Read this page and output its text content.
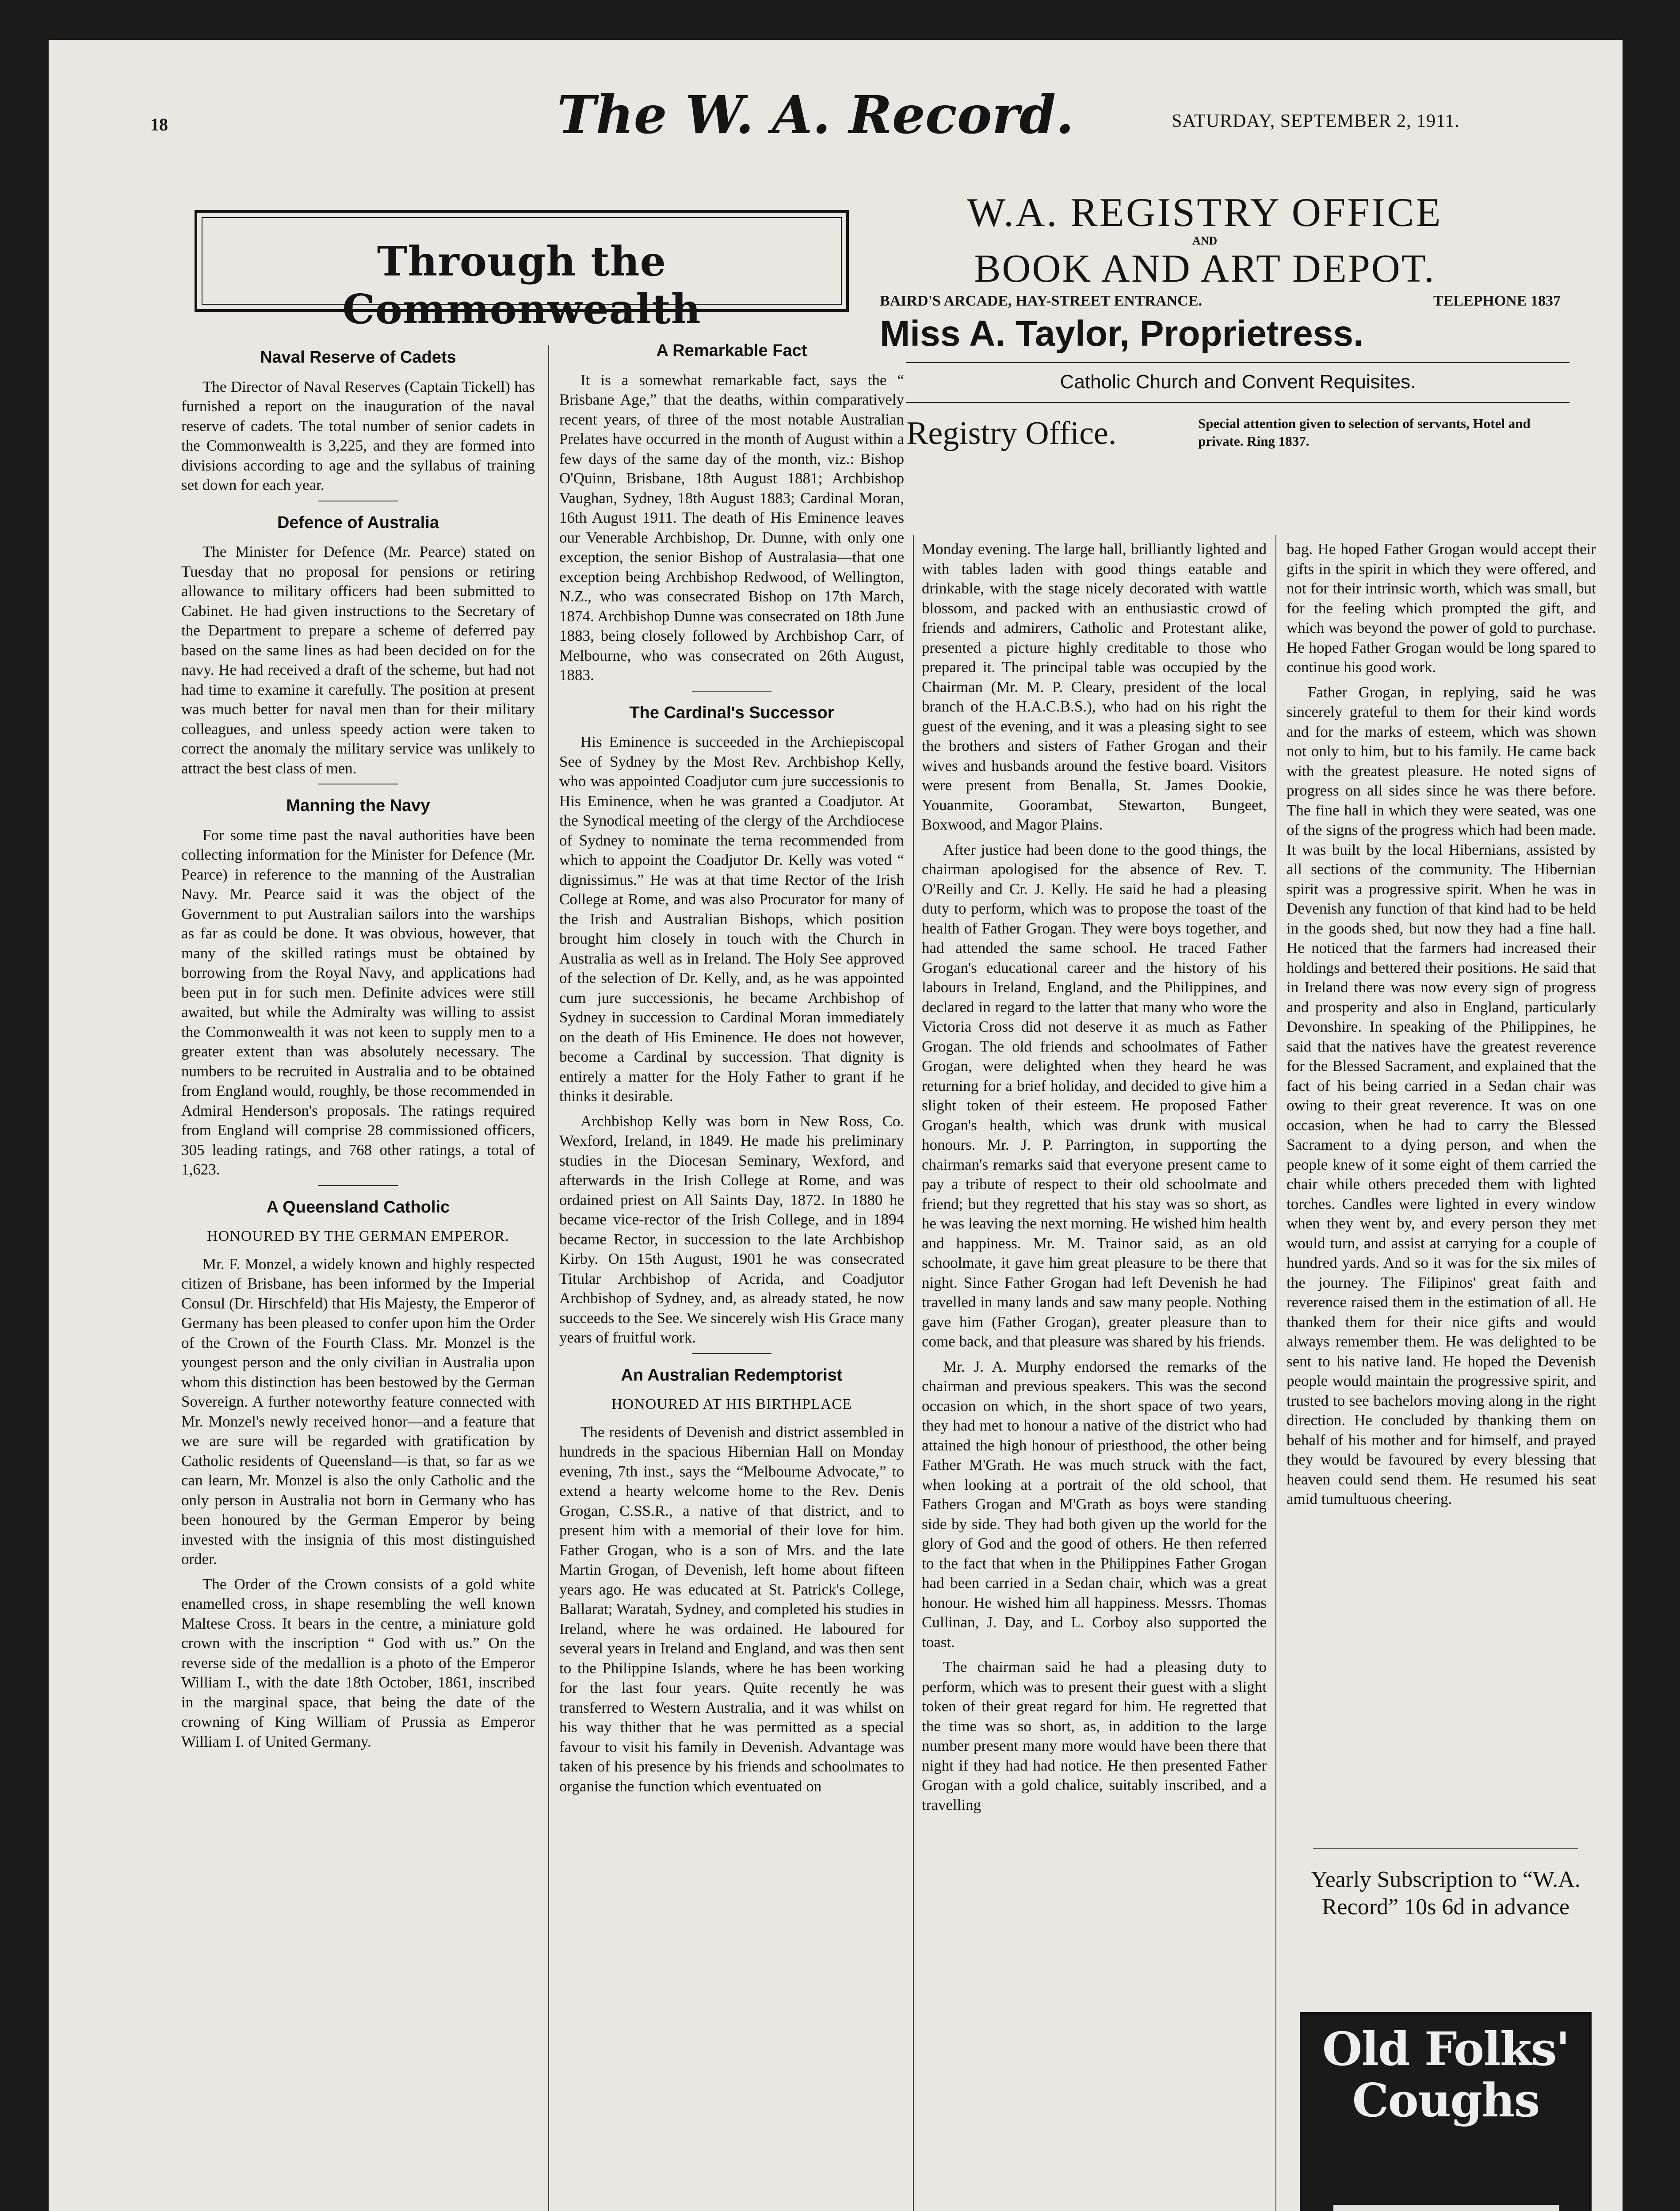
18	The W. A. Record.	SATURDAY, SEPTEMBER 2, 1911.
Through the Commonwealth
W.A. REGISTRY OFFICE
AND
BOOK AND ART DEPOT.
BAIRD'S ARCADE, HAY-STREET ENTRANCE.	TELEPHONE 1837
Miss A. Taylor, Proprietress.
Catholic Church and Convent Requisites.
Registry Office.	Special attention given to selection of servants, Hotel and private. Ring 1837.
Naval Reserve of Cadets

The Director of Naval Reserves (Captain Tickell) has furnished a report on the inauguration of the naval reserve of cadets. The total number of senior cadets in the Commonwealth is 3,225, and they are formed into divisions according to age and the syllabus of training set down for each year.

Defence of Australia

The Minister for Defence (Mr. Pearce) stated on Tuesday that no proposal for pensions or retiring allowance to military officers had been submitted to Cabinet. He had given instructions to the Secretary of the Department to prepare a scheme of deferred pay based on the same lines as had been decided on for the navy. He had received a draft of the scheme, but had not had time to examine it carefully. The position at present was much better for naval men than for their military colleagues, and unless speedy action were taken to correct the anomaly the military service was unlikely to attract the best class of men.

Manning the Navy

For some time past the naval authorities have been collecting information for the Minister for Defence (Mr. Pearce) in reference to the manning of the Australian Navy. Mr. Pearce said it was the object of the Government to put Australian sailors into the warships as far as could be done. It was obvious, however, that many of the skilled ratings must be obtained by borrowing from the Royal Navy, and applications had been put in for such men. Definite advices were still awaited, but while the Admiralty was willing to assist the Commonwealth it was not keen to supply men to a greater extent than was absolutely necessary. The numbers to be recruited in Australia and to be obtained from England would, roughly, be those recommended in Admiral Henderson's proposals. The ratings required from England will comprise 28 commissioned officers, 305 leading ratings, and 768 other ratings, a total of 1,623.

A Queensland Catholic
HONOURED BY THE GERMAN EMPEROR.

Mr. F. Monzel, a widely known and highly respected citizen of Brisbane, has been informed by the Imperial Consul (Dr. Hirschfeld) that His Majesty, the Emperor of Germany has been pleased to confer upon him the Order of the Crown of the Fourth Class. Mr. Monzel is the youngest person and the only civilian in Australia upon whom this distinction has been bestowed by the German Sovereign. A further noteworthy feature connected with Mr. Monzel's newly received honor—and a feature that we are sure will be regarded with gratification by Catholic residents of Queensland—is that, so far as we can learn, Mr. Monzel is also the only Catholic and the only person in Australia not born in Germany who has been honoured by the German Emperor by being invested with the insignia of this most distinguished order.

The Order of the Crown consists of a gold white enamelled cross, in shape resembling the well known Maltese Cross. It bears in the centre, a miniature gold crown with the inscription “ God with us.” On the reverse side of the medallion is a photo of the Emperor William I., with the date 18th October, 1861, inscribed in the marginal space, that being the date of the crowning of King William of Prussia as Emperor William I. of United Germany.

A Remarkable Fact

It is a somewhat remarkable fact, says the “ Brisbane Age,” that the deaths, within comparatively recent years, of three of the most notable Australian Prelates have occurred in the month of August within a few days of the same day of the month, viz.: Bishop O'Quinn, Brisbane, 18th August 1881; Archbishop Vaughan, Sydney, 18th August 1883; Cardinal Moran, 16th August 1911. The death of His Eminence leaves our Venerable Archbishop, Dr. Dunne, with only one exception, the senior Bishop of Australasia—that one exception being Archbishop Redwood, of Wellington, N.Z., who was consecrated Bishop on 17th March, 1874. Archbishop Dunne was consecrated on 18th June 1883, being closely followed by Archbishop Carr, of Melbourne, who was consecrated on 26th August, 1883.

The Cardinal's Successor

His Eminence is succeeded in the Archiepiscopal See of Sydney by the Most Rev. Archbishop Kelly, who was appointed Coadjutor cum jure successionis to His Eminence, when he was granted a Coadjutor. At the Synodical meeting of the clergy of the Archdiocese of Sydney to nominate the terna recommended from which to appoint the Coadjutor Dr. Kelly was voted “ dignissimus.” He was at that time Rector of the Irish College at Rome, and was also Procurator for many of the Irish and Australian Bishops, which position brought him closely in touch with the Church in Australia as well as in Ireland. The Holy See approved of the selection of Dr. Kelly, and, as he was appointed cum jure successionis, he became Archbishop of Sydney in succession to Cardinal Moran immediately on the death of His Eminence. He does not however, become a Cardinal by succession. That dignity is entirely a matter for the Holy Father to grant if he thinks it desirable.

Archbishop Kelly was born in New Ross, Co. Wexford, Ireland, in 1849. He made his preliminary studies in the Diocesan Seminary, Wexford, and afterwards in the Irish College at Rome, and was ordained priest on All Saints Day, 1872. In 1880 he became vice-rector of the Irish College, and in 1894 became Rector, in succession to the late Archbishop Kirby. On 15th August, 1901 he was consecrated Titular Archbishop of Acrida, and Coadjutor Archbishop of Sydney, and, as already stated, he now succeeds to the See. We sincerely wish His Grace many years of fruitful work.

An Australian Redemptorist
HONOURED AT HIS BIRTHPLACE

The residents of Devenish and district assembled in hundreds in the spacious Hibernian Hall on Monday evening, 7th inst., says the “Melbourne Advocate,” to extend a hearty welcome home to the Rev. Denis Grogan, C.SS.R., a native of that district, and to present him with a memorial of their love for him. Father Grogan, who is a son of Mrs. and the late Martin Grogan, of Devenish, left home about fifteen years ago. He was educated at St. Patrick's College, Ballarat; Waratah, Sydney, and completed his studies in Ireland, where he was ordained. He laboured for several years in Ireland and England, and was then sent to the Philippine Islands, where he has been working for the last four years. Quite recently he was transferred to Western Australia, and it was whilst on his way thither that he was permitted as a special favour to visit his family in Devenish. Advantage was taken of his presence by his friends and schoolmates to organise the function which eventuated on

Monday evening. The large hall, brilliantly lighted and with tables laden with good things eatable and drinkable, with the stage nicely decorated with wattle blossom, and packed with an enthusiastic crowd of friends and admirers, Catholic and Protestant alike, presented a picture highly creditable to those who prepared it. The principal table was occupied by the Chairman (Mr. M. P. Cleary, president of the local branch of the H.A.C.B.S.), who had on his right the guest of the evening, and it was a pleasing sight to see the brothers and sisters of Father Grogan and their wives and husbands around the festive board. Visitors were present from Benalla, St. James Dookie, Youanmite, Goorambat, Stewarton, Bungeet, Boxwood, and Magor Plains.

After justice had been done to the good things, the chairman apologised for the absence of Rev. T. O'Reilly and Cr. J. Kelly. He said he had a pleasing duty to perform, which was to propose the toast of the health of Father Grogan. They were boys together, and had attended the same school. He traced Father Grogan's educational career and the history of his labours in Ireland, England, and the Philippines, and declared in regard to the latter that many who wore the Victoria Cross did not deserve it as much as Father Grogan. The old friends and schoolmates of Father Grogan, were delighted when they heard he was returning for a brief holiday, and decided to give him a slight token of their esteem. He proposed Father Grogan's health, which was drunk with musical honours. Mr. J. P. Parrington, in supporting the chairman's remarks said that everyone present came to pay a tribute of respect to their old schoolmate and friend; but they regretted that his stay was so short, as he was leaving the next morning. He wished him health and happiness. Mr. M. Trainor said, as an old schoolmate, it gave him great pleasure to be there that night. Since Father Grogan had left Devenish he had travelled in many lands and saw many people. Nothing gave him (Father Grogan), greater pleasure than to come back, and that pleasure was shared by his friends.

Mr. J. A. Murphy endorsed the remarks of the chairman and previous speakers. This was the second occasion on which, in the short space of two years, they had met to honour a native of the district who had attained the high honour of priesthood, the other being Father M'Grath. He was much struck with the fact, when looking at a portrait of the old school, that Fathers Grogan and M'Grath as boys were standing side by side. They had both given up the world for the glory of God and the good of others. He then referred to the fact that when in the Philippines Father Grogan had been carried in a Sedan chair, which was a great honour. He wished him all happiness. Messrs. Thomas Cullinan, J. Day, and L. Corboy also supported the toast.

The chairman said he had a pleasing duty to perform, which was to present their guest with a slight token of their great regard for him. He regretted that the time was so short, as, in addition to the large number present many more would have been there that night if they had had notice. He then presented Father Grogan with a gold chalice, suitably inscribed, and a travelling

bag. He hoped Father Grogan would accept their gifts in the spirit in which they were offered, and not for their intrinsic worth, which was small, but for the feeling which prompted the gift, and which was beyond the power of gold to purchase. He hoped Father Grogan would be long spared to continue his good work.

Father Grogan, in replying, said he was sincerely grateful to them for their kind words and for the marks of esteem, which was shown not only to him, but to his family. He came back with the greatest pleasure. He noted signs of progress on all sides since he was there before. The fine hall in which they were seated, was one of the signs of the progress which had been made. It was built by the local Hibernians, assisted by all sections of the community. The Hibernian spirit was a progressive spirit. When he was in Devenish any function of that kind had to be held in the goods shed, but now they had a fine hall. He noticed that the farmers had increased their holdings and bettered their positions. He said that in Ireland there was now every sign of progress and prosperity and also in England, particularly Devonshire. In speaking of the Philippines, he said that the natives have the greatest reverence for the Blessed Sacrament, and explained that the fact of his being carried in a Sedan chair was owing to their great reverence. It was on one occasion, when he had to carry the Blessed Sacrament to a dying person, and when the people knew of it some eight of them carried the chair while others preceded them with lighted torches. Candles were lighted in every window when they went by, and every person they met would turn, and assist at carrying for a couple of hundred yards. And so it was for the six miles of the journey. The Filipinos' great faith and reverence raised them in the estimation of all. He thanked them for their nice gifts and would always remember them. He was delighted to be sent to his native land. He hoped the Devenish people would maintain the progressive spirit, and trusted to see bachelors moving along in the right direction. He concluded by thanking them on behalf of his mother and for himself, and prayed they would be favoured by every blessing that heaven could send them. He resumed his seat amid tumultuous cheering.

Yearly Subscription to “W.A. Record” 10s 6d in advance
Old Folks' Coughs
